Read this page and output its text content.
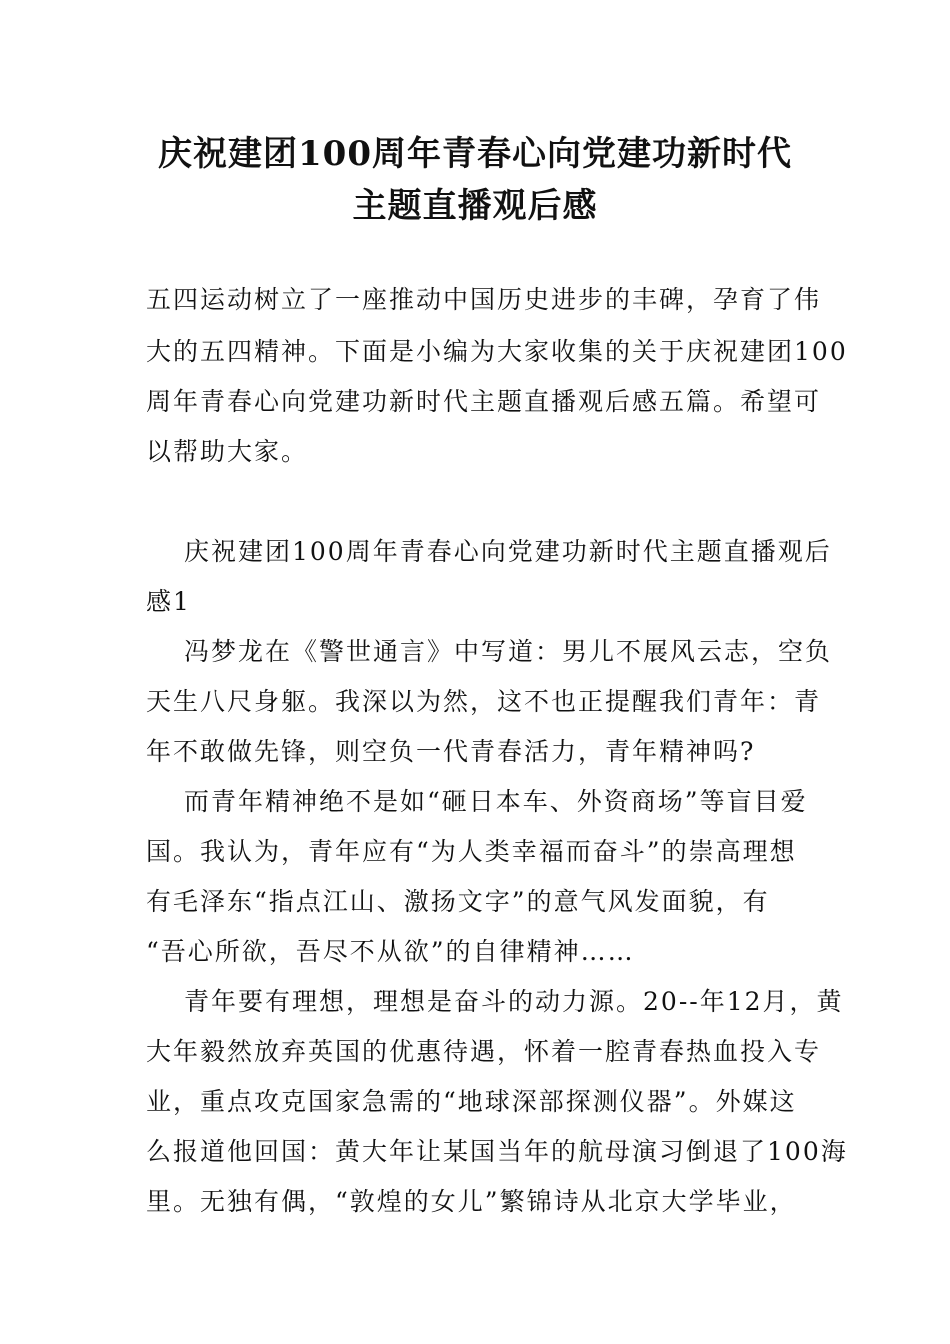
庆祝建团100周年青春心向党建功新时代
主题直播观后感
五四运动树立了一座推动中国历史进步的丰碑，孕育了伟
大的五四精神。下面是小编为大家收集的关于庆祝建团100
周年青春心向党建功新时代主题直播观后感五篇。希望可
以帮助大家。
庆祝建团100周年青春心向党建功新时代主题直播观后
感1
冯梦龙在《警世通言》中写道：男儿不展风云志，空负
天生八尺身躯。我深以为然，这不也正提醒我们青年：青
年不敢做先锋，则空负一代青春活力，青年精神吗?
而青年精神绝不是如“砸日本车、外资商场”等盲目爱
国。我认为，青年应有“为人类幸福而奋斗”的崇高理想
有毛泽东“指点江山、激扬文字”的意气风发面貌，有
“吾心所欲，吾尽不从欲”的自律精神……
青年要有理想，理想是奋斗的动力源。20--年12月，黄
大年毅然放弃英国的优惠待遇，怀着一腔青春热血投入专
业，重点攻克国家急需的“地球深部探测仪器”。外媒这
么报道他回国：黄大年让某国当年的航母演习倒退了100海
里。无独有偶，“敦煌的女儿”繁锦诗从北京大学毕业，
